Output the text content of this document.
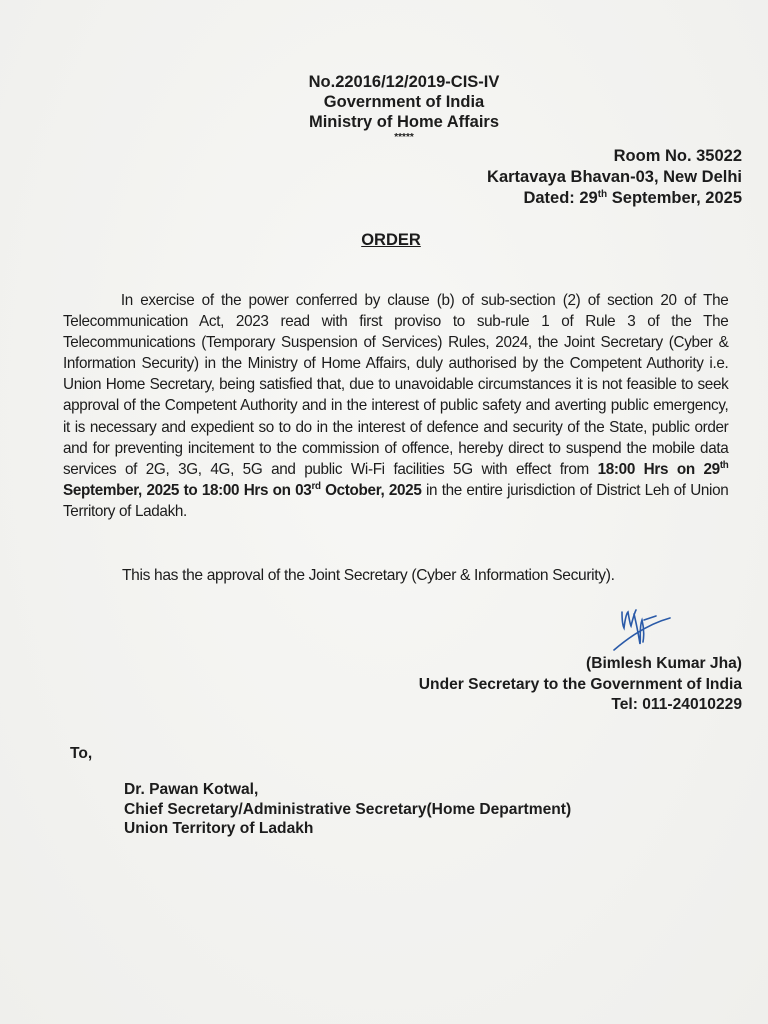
No.22016/12/2019-CIS-IV
Government of India
Ministry of Home Affairs
*****
Room No. 35022
Kartavaya Bhavan-03, New Delhi
Dated: 29th September, 2025
ORDER
In exercise of the power conferred by clause (b) of sub-section (2) of section 20 of The Telecommunication Act, 2023 read with first proviso to sub-rule 1 of Rule 3 of the The Telecommunications (Temporary Suspension of Services) Rules, 2024, the Joint Secretary (Cyber & Information Security) in the Ministry of Home Affairs, duly authorised by the Competent Authority i.e. Union Home Secretary, being satisfied that, due to unavoidable circumstances it is not feasible to seek approval of the Competent Authority and in the interest of public safety and averting public emergency, it is necessary and expedient so to do in the interest of defence and security of the State, public order and for preventing incitement to the commission of offence, hereby direct to suspend the mobile data services of 2G, 3G, 4G, 5G and public Wi-Fi facilities 5G with effect from 18:00 Hrs on 29th September, 2025 to 18:00 Hrs on 03rd October, 2025 in the entire jurisdiction of District Leh of Union Territory of Ladakh.
This has the approval of the Joint Secretary (Cyber & Information Security).
(Bimlesh Kumar Jha)
Under Secretary to the Government of India
Tel: 011-24010229
To,
Dr. Pawan Kotwal,
Chief Secretary/Administrative Secretary(Home Department)
Union Territory of Ladakh
